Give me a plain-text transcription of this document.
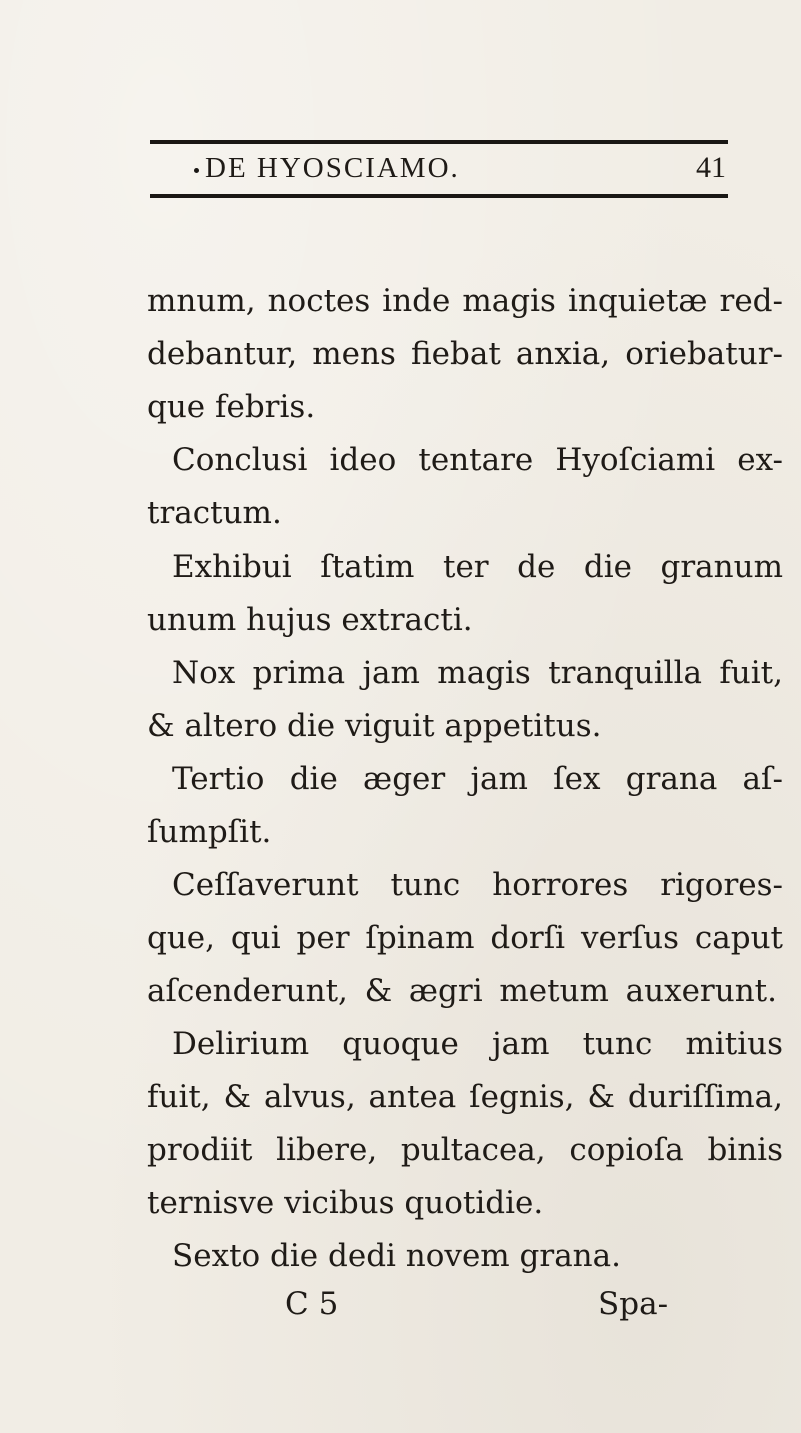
DE HYOSCIAMO.	41
mnum, noctes inde magis inquietæ red-
debantur, mens fiebat anxia, oriebatur-
que febris.
Conclusi ideo tentare Hyoſciami ex-
tractum.
Exhibui ſtatim ter de die granum
unum hujus extracti.
Nox prima jam magis tranquilla fuit,
& altero die viguit appetitus.
Tertio die æger jam ſex grana aſ-
ſumpſit.
Ceſſaverunt tunc horrores rigores-
que, qui per ſpinam dorſi verſus caput
aſcenderunt, & ægri metum auxerunt.
Delirium quoque jam tunc mitius
fuit, & alvus, antea ſegnis, & duriſſima,
prodiit libere, pultacea, copioſa binis
ternisve vicibus quotidie.
Sexto die dedi novem grana.
C 5	Spa-
